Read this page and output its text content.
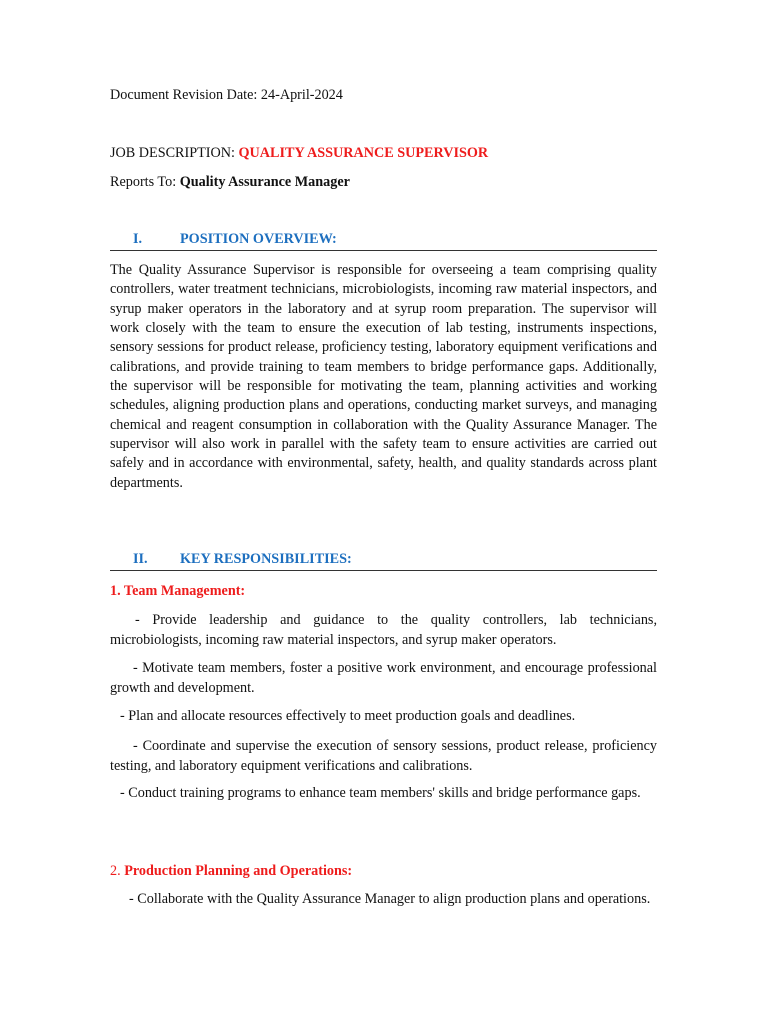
Document Revision Date: 24-April-2024
JOB DESCRIPTION: QUALITY ASSURANCE SUPERVISOR
Reports To: Quality Assurance Manager
I.	POSITION OVERVIEW:
The Quality Assurance Supervisor is responsible for overseeing a team comprising quality controllers, water treatment technicians, microbiologists, incoming raw material inspectors, and syrup maker operators in the laboratory and at syrup room preparation. The supervisor will work closely with the team to ensure the execution of lab testing, instruments inspections, sensory sessions for product release, proficiency testing, laboratory equipment verifications and calibrations, and provide training to team members to bridge performance gaps. Additionally, the supervisor will be responsible for motivating the team, planning activities and working schedules, aligning production plans and operations, conducting market surveys, and managing chemical and reagent consumption in collaboration with the Quality Assurance Manager. The supervisor will also work in parallel with the safety team to ensure activities are carried out safely and in accordance with environmental, safety, health, and quality standards across plant departments.
II. KEY RESPONSIBILITIES:
1. Team Management:
- Provide leadership and guidance to the quality controllers, lab technicians, microbiologists, incoming raw material inspectors, and syrup maker operators.
- Motivate team members, foster a positive work environment, and encourage professional growth and development.
- Plan and allocate resources effectively to meet production goals and deadlines.
- Coordinate and supervise the execution of sensory sessions, product release, proficiency testing, and laboratory equipment verifications and calibrations.
- Conduct training programs to enhance team members' skills and bridge performance gaps.
2. Production Planning and Operations:
- Collaborate with the Quality Assurance Manager to align production plans and operations.
